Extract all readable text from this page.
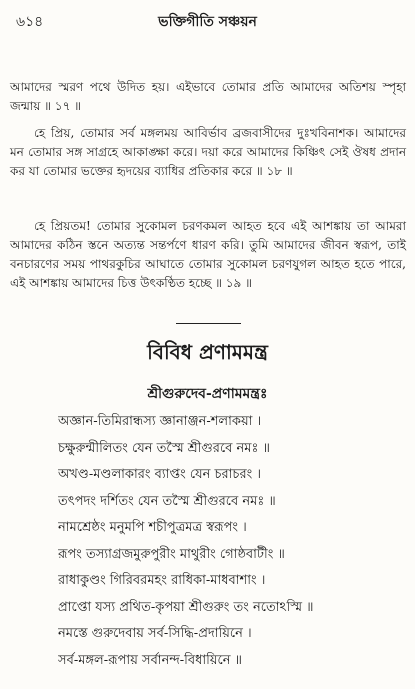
৬১৪	ভক্তিগীতি সঞ্চয়ন

আমাদের স্মরণ পথে উদিত হয়। এইভাবে তোমার প্রতি আমাদের অতিশয় স্পৃহা জন্মায় ॥ ১৭ ॥

হে প্রিয়, তোমার সর্ব মঙ্গলময় আবির্ভাব ব্রজবাসীদের দুঃখবিনাশক। আমাদের মন তোমার সঙ্গ সাগ্রহে আকাঙ্ক্ষা করে। দয়া করে আমাদের কিঞ্চিৎ সেই ঔষধ প্রদান কর যা তোমার ভক্তের হৃদয়ের ব্যাধির প্রতিকার করে ॥ ১৮ ॥

হে প্রিয়তম! তোমার সুকোমল চরণকমল আহত হবে এই আশঙ্কায় তা আমরা আমাদের কঠিন স্তনে অত্যন্ত সন্তর্পণে ধারণ করি। তুমি আমাদের জীবন স্বরূপ, তাই বনচারণের সময় পাথরকুচির আঘাতে তোমার সুকোমল চরণযুগল আহত হতে পারে, এই আশঙ্কায় আমাদের চিত্ত উৎকণ্ঠিত হচ্ছে ॥ ১৯ ॥

বিবিধ প্রণামমন্ত্র
শ্রীগুরুদেব-প্রণামমন্ত্রঃ
অজ্ঞান-তিমিরান্ধস্য জ্ঞানাঞ্জন-শলাকয়া ।
চক্ষুরুন্মীলিতং যেন তস্মৈ শ্রীগুরবে নমঃ ॥
অখণ্ড-মণ্ডলাকারং ব্যাপ্তং যেন চরাচরং ।
তৎপদং দর্শিতং যেন তস্মৈ শ্রীগুরবে নমঃ ॥
নামশ্রেষ্ঠং মনুমপি শচীপুত্রমত্র স্বরূপং ।
রূপং তস্যাগ্রজমুরুপুরীং মাথুরীং গোষ্ঠবাটীং ॥
রাধাকুণ্ডং গিরিবরমহং রাধিকা-মাধবাশাং ।
প্রাপ্তো যস্য প্রথিত-কৃপয়া শ্রীগুরুং তং নতোঽস্মি ॥
নমস্তে গুরুদেবায় সর্ব-সিদ্ধি-প্রদায়িনে ।
সর্ব-মঙ্গল-রূপায় সর্বানন্দ-বিধায়িনে ॥
